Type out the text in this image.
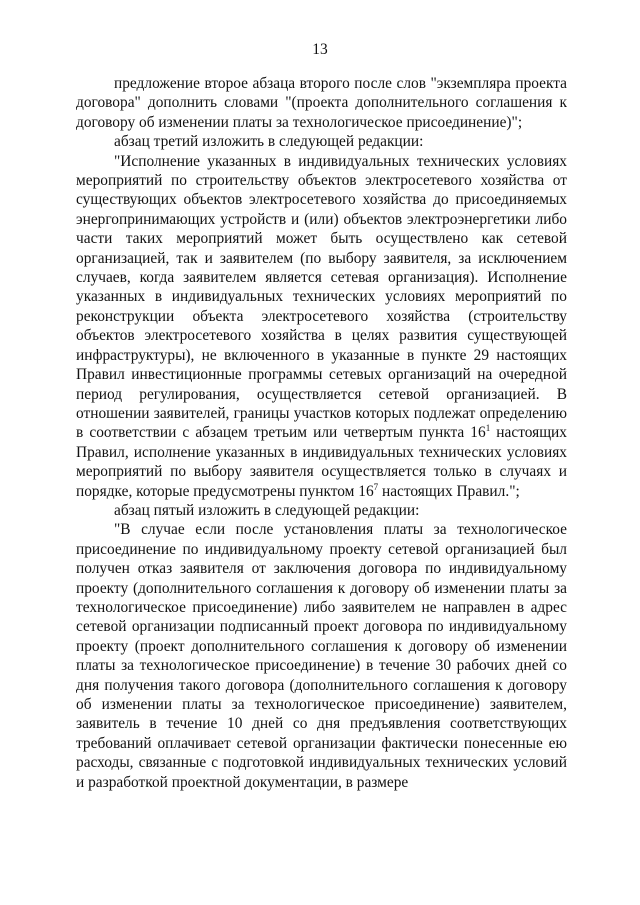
13

предложение второе абзаца второго после слов "экземпляра проекта договора" дополнить словами "(проекта дополнительного соглашения к договору об изменении платы за технологическое присоединение)";

абзац третий изложить в следующей редакции:

"Исполнение указанных в индивидуальных технических условиях мероприятий по строительству объектов электросетевого хозяйства от существующих объектов электросетевого хозяйства до присоединяемых энергопринимающих устройств и (или) объектов электроэнергетики либо части таких мероприятий может быть осуществлено как сетевой организацией, так и заявителем (по выбору заявителя, за исключением случаев, когда заявителем является сетевая организация). Исполнение указанных в индивидуальных технических условиях мероприятий по реконструкции объекта электросетевого хозяйства (строительству объектов электросетевого хозяйства в целях развития существующей инфраструктуры), не включенного в указанные в пункте 29 настоящих Правил инвестиционные программы сетевых организаций на очередной период регулирования, осуществляется сетевой организацией. В отношении заявителей, границы участков которых подлежат определению в соответствии с абзацем третьим или четвертым пункта $16^1$ настоящих Правил, исполнение указанных в индивидуальных технических условиях мероприятий по выбору заявителя осуществляется только в случаях и порядке, которые предусмотрены пунктом $16^7$ настоящих Правил.";

абзац пятый изложить в следующей редакции:

"В случае если после установления платы за технологическое присоединение по индивидуальному проекту сетевой организацией был получен отказ заявителя от заключения договора по индивидуальному проекту (дополнительного соглашения к договору об изменении платы за технологическое присоединение) либо заявителем не направлен в адрес сетевой организации подписанный проект договора по индивидуальному проекту (проект дополнительного соглашения к договору об изменении платы за технологическое присоединение) в течение 30 рабочих дней со дня получения такого договора (дополнительного соглашения к договору об изменении платы за технологическое присоединение) заявителем, заявитель в течение 10 дней со дня предъявления соответствующих требований оплачивает сетевой организации фактически понесенные ею расходы, связанные с подготовкой индивидуальных технических условий и разработкой проектной документации, в размере
